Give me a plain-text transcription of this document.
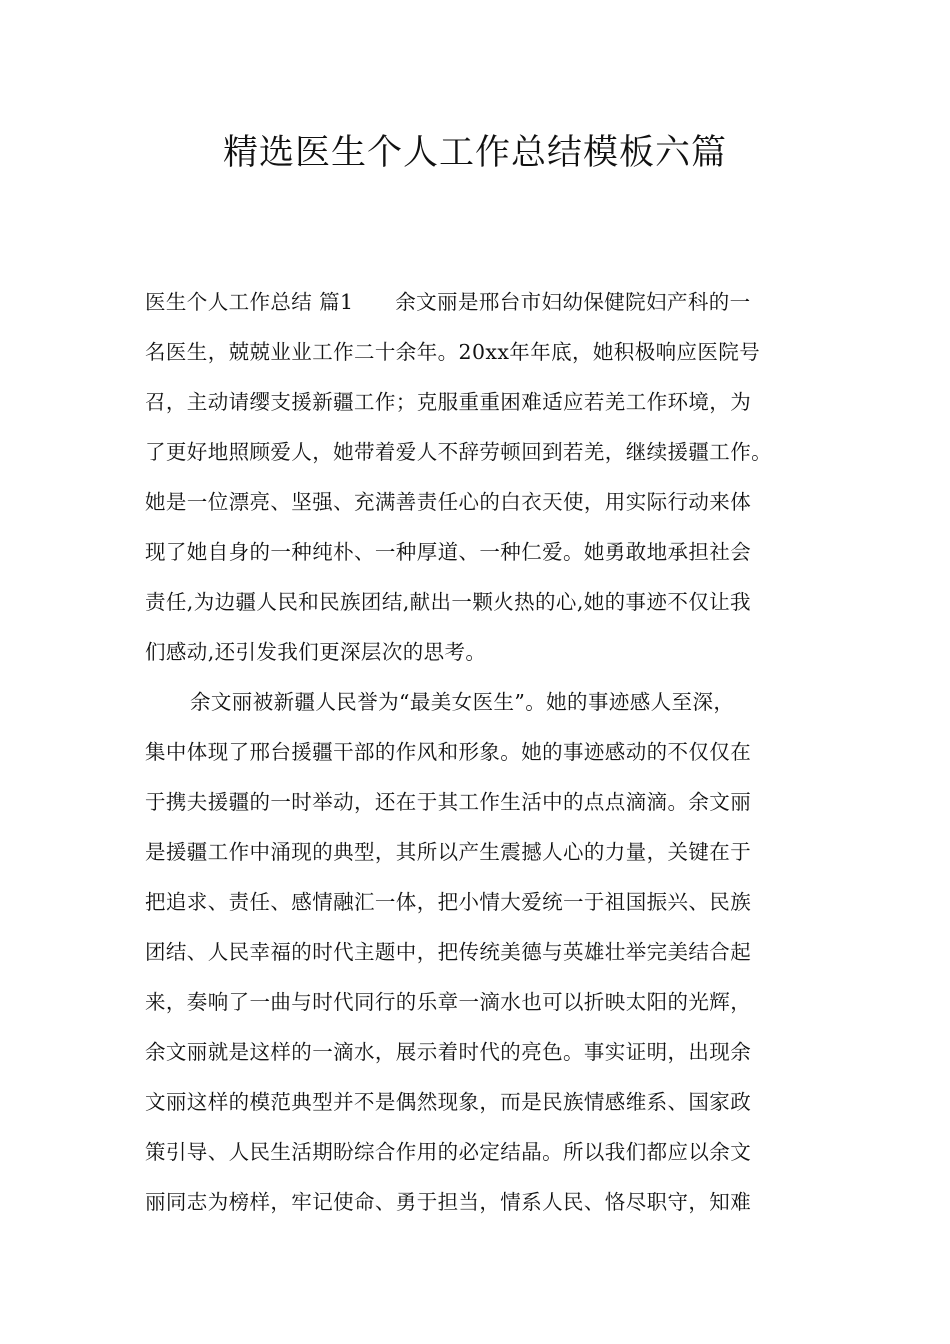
精选医生个人工作总结模板六篇
医生个人工作总结 篇1　　余文丽是邢台市妇幼保健院妇产科的一
名医生，兢兢业业工作二十余年。20xx年年底，她积极响应医院号
召，主动请缨支援新疆工作；克服重重困难适应若羌工作环境，为
了更好地照顾爱人，她带着爱人不辞劳顿回到若羌，继续援疆工作。
她是一位漂亮、坚强、充满善责任心的白衣天使，用实际行动来体
现了她自身的一种纯朴、一种厚道、一种仁爱。她勇敢地承担社会
责任,为边疆人民和民族团结,献出一颗火热的心,她的事迹不仅让我
们感动,还引发我们更深层次的思考。
余文丽被新疆人民誉为“最美女医生”。她的事迹感人至深，
集中体现了邢台援疆干部的作风和形象。她的事迹感动的不仅仅在
于携夫援疆的一时举动，还在于其工作生活中的点点滴滴。余文丽
是援疆工作中涌现的典型，其所以产生震撼人心的力量，关键在于
把追求、责任、感情融汇一体，把小情大爱统一于祖国振兴、民族
团结、人民幸福的时代主题中，把传统美德与英雄壮举完美结合起
来，奏响了一曲与时代同行的乐章一滴水也可以折映太阳的光辉，
余文丽就是这样的一滴水，展示着时代的亮色。事实证明，出现余
文丽这样的模范典型并不是偶然现象，而是民族情感维系、国家政
策引导、人民生活期盼综合作用的必定结晶。所以我们都应以余文
丽同志为榜样，牢记使命、勇于担当，情系人民、恪尽职守，知难
